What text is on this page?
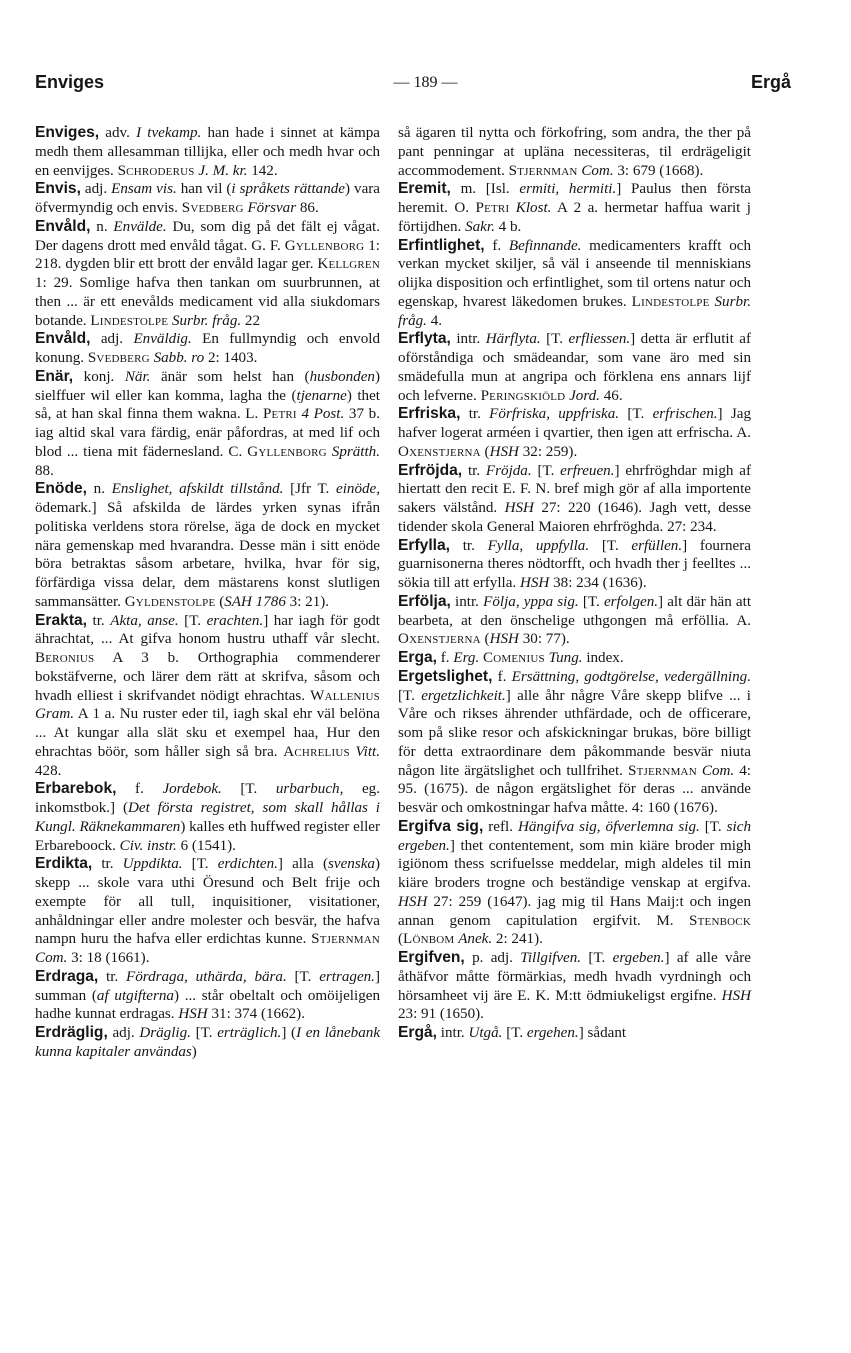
Enviges	— 189 —	Ergå

Enviges, adv. I tvekamp. han hade i sinnet at kämpa medh them allesamman tillijka, eller och medh hvar och en eenvijges. Schroderus J. M. kr. 142.

Envis, adj. Ensam vis. han vil (i språkets rättande) vara öfvermyndig och envis. Svedberg Försvar 86.

Envåld, n. Envälde. Du, som dig på det fält ej vågat. Der dagens drott med envåld tågat. G. F. Gyllenborg 1: 218. dygden blir ett brott der envåld lagar ger. Kellgren 1: 29. Somlige hafva then tankan om suurbrunnen, at then ... är ett enevålds medicament vid alla siukdomars botande. Lindestolpe Surbr. fråg. 22

Envåld, adj. Enväldig. En fullmyndig och envold konung. Svedberg Sabb. ro 2: 1403.

Enär, konj. När. änär som helst han (husbonden) sielffuer wil eller kan komma, lagha the (tjenarne) thet så, at han skal finna them wakna. L. Petri 4 Post. 37 b. iag altid skal vara färdig, enär påfordras, at med lif och blod ... tiena mit fädernesland. C. Gyllenborg Sprätth. 88.

Enöde, n. Enslighet, afskildt tillstånd. [Jfr T. einöde, ödemark.] Så afskilda de lärdes yrken synas ifrån politiska verldens stora rörelse, äga de dock en mycket nära gemenskap med hvarandra. Desse män i sitt enöde böra betraktas såsom arbetare, hvilka, hvar för sig, förfärdiga vissa delar, dem mästarens konst slutligen sammansätter. Gyldenstolpe (SAH 1786 3: 21).

Erakta, tr. Akta, anse. [T. erachten.] har iagh för godt ährachtat, ... At gifva honom hustru uthaff vår slecht. Beronius A 3 b. Orthographia commenderer bokstäfverne, och lärer dem rätt at skrifva, såsom och hvadh elliest i skrifvandet nödigt ehrachtas. Wallenius Gram. A 1 a. Nu ruster eder til, iagh skal ehr väl belöna ... At kungar alla slät sku et exempel haa, Hur den ehrachtas böör, som håller sigh så bra. Achrelius Vitt. 428.

Erbarebok, f. Jordebok. [T. urbarbuch, eg. inkomstbok.] (Det första registret, som skall hållas i Kungl. Räknekammaren) kalles eth huffwed register eller Erbareboock. Civ. instr. 6 (1541).

Erdikta, tr. Uppdikta. [T. erdichten.] alla (svenska) skepp ... skole vara uthi Öresund och Belt frije och exempte för all tull, inquisitioner, visitationer, anhåldningar eller andre molester och besvär, the hafva nampn huru the hafva eller erdichtas kunne. Stjernman Com. 3: 18 (1661).

Erdraga, tr. Fördraga, uthärda, bära. [T. ertragen.] summan (af utgifterna) ... står obeltalt och omöijeligen hadhe kunnat erdragas. HSH 31: 374 (1662).

Erdräglig, adj. Dräglig. [T. erträglich.] (I en lånebank kunna kapitaler användas)

så ägaren til nytta och förkofring, som andra, the ther på pant penningar at upläna necessiteras, til erdrägeligit accommodement. Stjernman Com. 3: 679 (1668).

Eremit, m. [Isl. ermiti, hermiti.] Paulus then första heremit. O. Petri Klost. A 2 a. hermetar haffua warit j förtijdhen. Sakr. 4 b.

Erfintlighet, f. Befinnande. medicamenters krafft och verkan mycket skiljer, så väl i anseende til menniskians olijka disposition och erfintlighet, som til ortens natur och egenskap, hvarest läkedomen brukes. Lindestolpe Surbr. fråg. 4.

Erflyta, intr. Härflyta. [T. erfliessen.] detta är erflutit af oförståndiga och smädeandar, som vane äro med sin smädefulla mun at angripa och förklena ens annars lijf och lefverne. Peringskiöld Jord. 46.

Erfriska, tr. Förfriska, uppfriska. [T. erfrischen.] Jag hafver logerat arméen i qvartier, then igen att erfrischa. A. Oxenstjerna (HSH 32: 259).

Erfröjda, tr. Fröjda. [T. erfreuen.] ehrfröghdar migh af hiertatt den recit E. F. N. bref migh gör af alla importente sakers välstånd. HSH 27: 220 (1646). Jagh vett, desse tidender skola General Maioren ehrfröghda. 27: 234.

Erfylla, tr. Fylla, uppfylla. [T. erfüllen.] fournera guarnisonerna theres nödtorfft, och hvadh ther j feelltes ... sökia till att erfylla. HSH 38: 234 (1636).

Erfölja, intr. Följa, yppa sig. [T. erfolgen.] alt där hän att bearbeta, at den önschelige uthgongen må erföllia. A. Oxenstjerna (HSH 30: 77).

Erga, f. Erg. Comenius Tung. index.

Ergetslighet, f. Ersättning, godtgörelse, vedergällning. [T. ergetzlichkeit.] alle åhr någre Våre skepp blifve ... i Våre och rikses ährender uthfärdade, och de officerare, som på slike resor och afskickningar brukas, böre billigt för detta extraordinare dem påkommande besvär niuta någon lite ärgätslighet och tullfrihet. Stjernman Com. 4: 95. (1675). de någon ergätslighet för deras ... använde besvär och omkostningar hafva måtte. 4: 160 (1676).

Ergifva sig, refl. Hängifva sig, öfverlemna sig. [T. sich ergeben.] thet contentement, som min kiäre broder migh igiönom thess scrifuelsse meddelar, migh aldeles til min kiäre broders trogne och beständige venskap at ergifva. HSH 27: 259 (1647). jag mig til Hans Maij:t och ingen annan genom capitulation ergifvit. M. Stenbock (Lönbom Anek. 2: 241).

Ergifven, p. adj. Tillgifven. [T. ergeben.] af alle våre åthäfvor måtte förmärkias, medh hvadh vyrdningh och hörsamheet vij äre E. K. M:tt ödmiukeligst ergifne. HSH 23: 91 (1650).

Ergå, intr. Utgå. [T. ergehen.] sådant
